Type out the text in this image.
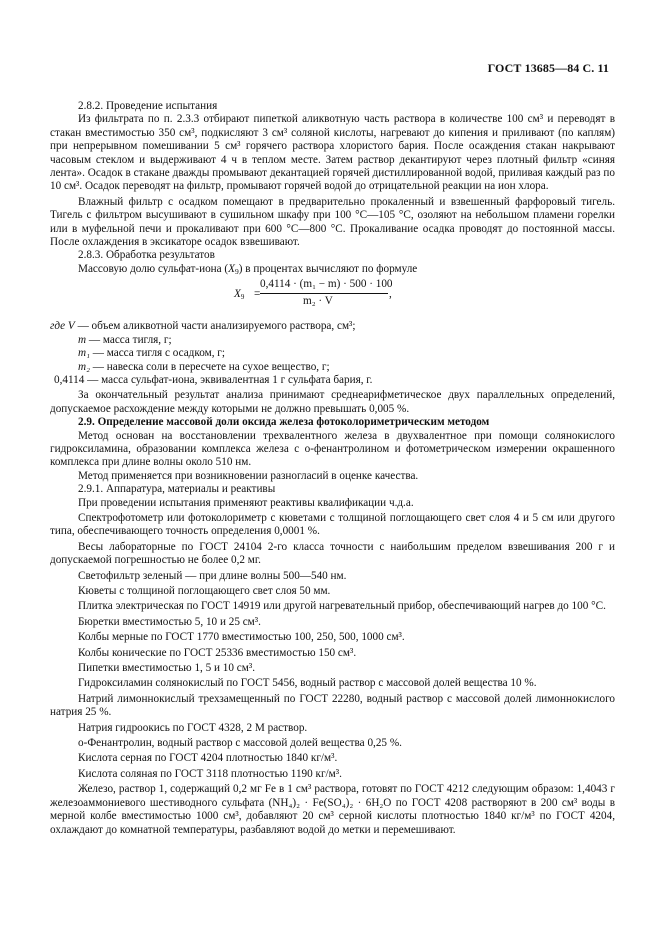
ГОСТ 13685—84 С. 11

2.8.2. Проведение испытания

Из фильтрата по п. 2.3.3 отбирают пипеткой аликвотную часть раствора в количестве 100 см³ и переводят в стакан вместимостью 350 см³, подкисляют 3 см³ соляной кислоты, нагревают до кипения и приливают (по каплям) при непрерывном помешивании 5 см³ горячего раствора хлористого бария. После осаждения стакан накрывают часовым стеклом и выдерживают 4 ч в теплом месте. Затем раствор декантируют через плотный фильтр «синяя лента». Осадок в стакане дважды промывают декантацией горячей дистиллированной водой, приливая каждый раз по 10 см³. Осадок переводят на фильтр, промывают горячей водой до отрицательной реакции на ион хлора.

Влажный фильтр с осадком помещают в предварительно прокаленный и взвешенный фарфоровый тигель. Тигель с фильтром высушивают в сушильном шкафу при 100 °С—105 °С, озоляют на небольшом пламени горелки или в муфельной печи и прокаливают при 600 °С—800 °С. Прокаливание осадка проводят до постоянной массы. После охлаждения в эксикаторе осадок взвешивают.

2.8.3. Обработка результатов

Массовую долю сульфат-иона $(X_9)$ в процентах вычисляют по формуле

$X_9$ =
0,4114 · (m₁ − m) · 500 · 100
m₂ · V
,

где V — объем аликвотной части анализируемого раствора, см³;

m — масса тигля, г;

m₁ — масса тигля с осадком, г;

m₂ — навеска соли в пересчете на сухое вещество, г;

0,4114 — масса сульфат-иона, эквивалентная 1 г сульфата бария, г.

За окончательный результат анализа принимают среднеарифметическое двух параллельных определений, допускаемое расхождение между которыми не должно превышать 0,005 %.

2.9. Определение массовой доли оксида железа фотоколориметрическим методом

Метод основан на восстановлении трехвалентного железа в двухвалентное при помощи солянокислого гидроксиламина, образовании комплекса железа с о-фенантролином и фотометрическом измерении окрашенного комплекса при длине волны около 510 нм.

Метод применяется при возникновении разногласий в оценке качества.

2.9.1. Аппаратура, материалы и реактивы

При проведении испытания применяют реактивы квалификации ч.д.а.

Спектрофотометр или фотоколориметр с кюветами с толщиной поглощающего свет слоя 4 и 5 см или другого типа, обеспечивающего точность определения 0,0001 %.

Весы лабораторные по ГОСТ 24104 2-го класса точности с наибольшим пределом взвешивания 200 г и допускаемой погрешностью не более 0,2 мг.

Светофильтр зеленый — при длине волны 500—540 нм.

Кюветы с толщиной поглощающего свет слоя 50 мм.

Плитка электрическая по ГОСТ 14919 или другой нагревательный прибор, обеспечивающий нагрев до 100 °С.

Бюретки вместимостью 5, 10 и 25 см³.

Колбы мерные по ГОСТ 1770 вместимостью 100, 250, 500, 1000 см³.

Колбы конические по ГОСТ 25336 вместимостью 150 см³.

Пипетки вместимостью 1, 5 и 10 см³.

Гидроксиламин солянокислый по ГОСТ 5456, водный раствор с массовой долей вещества 10 %.

Натрий лимоннокислый трехзамещенный по ГОСТ 22280, водный раствор с массовой долей лимоннокислого натрия 25 %.

Натрия гидроокись по ГОСТ 4328, 2 М раствор.

о-Фенантролин, водный раствор с массовой долей вещества 0,25 %.

Кислота серная по ГОСТ 4204 плотностью 1840 кг/м³.

Кислота соляная по ГОСТ 3118 плотностью 1190 кг/м³.

Железо, раствор 1, содержащий 0,2 мг Fe в 1 см³ раствора, готовят по ГОСТ 4212 следующим образом: 1,4043 г железоаммониевого шестиводного сульфата (NH₄)₂ · Fe(SO₄)₂ · 6H₂O по ГОСТ 4208 растворяют в 200 см³ воды в мерной колбе вместимостью 1000 см³, добавляют 20 см³ серной кислоты плотностью 1840 кг/м³ по ГОСТ 4204, охлаждают до комнатной температуры, разбавляют водой до метки и перемешивают.
